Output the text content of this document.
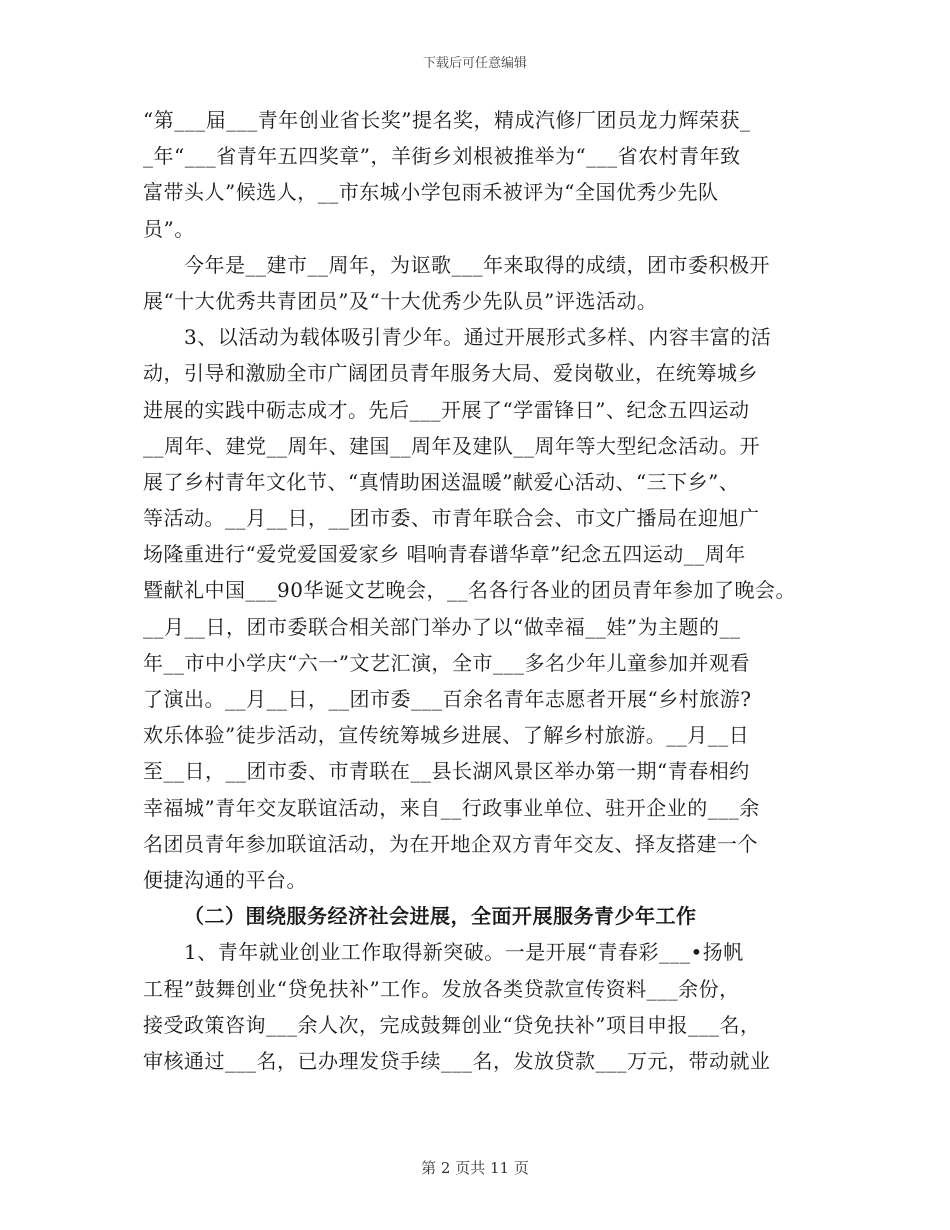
下载后可任意编辑
“第___届___青年创业省长奖”提名奖，精成汽修厂团员龙力辉荣获_
_年“___省青年五四奖章”，羊街乡刘根被推举为“___省农村青年致
富带头人”候选人，__市东城小学包雨禾被评为“全国优秀少先队
员”。
今年是__建市__周年，为讴歌___年来取得的成绩，团市委积极开
展“十大优秀共青团员”及“十大优秀少先队员”评选活动。
3、以活动为载体吸引青少年。通过开展形式多样、内容丰富的活
动，引导和激励全市广阔团员青年服务大局、爱岗敬业，在统筹城乡
进展的实践中砺志成才。先后___开展了“学雷锋日”、纪念五四运动
__周年、建党__周年、建国__周年及建队__周年等大型纪念活动。开
展了乡村青年文化节、“真情助困送温暖”献爱心活动、“三下乡”、
等活动。__月__日，__团市委、市青年联合会、市文广播局在迎旭广
场隆重进行“爱党爱国爱家乡 唱响青春谱华章”纪念五四运动__周年
暨献礼中国___90华诞文艺晚会，__名各行各业的团员青年参加了晚会。
__月__日，团市委联合相关部门举办了以“做幸福__娃”为主题的__
年__市中小学庆“六一”文艺汇演，全市___多名少年儿童参加并观看
了演出。__月__日，__团市委___百余名青年志愿者开展“乡村旅游?
欢乐体验”徒步活动，宣传统筹城乡进展、了解乡村旅游。__月__日
至__日，__团市委、市青联在__县长湖风景区举办第一期“青春相约
幸福城”青年交友联谊活动，来自__行政事业单位、驻开企业的___余
名团员青年参加联谊活动，为在开地企双方青年交友、择友搭建一个
便捷沟通的平台。
（二）围绕服务经济社会进展，全面开展服务青少年工作
1、青年就业创业工作取得新突破。一是开展“青春彩___•扬帆
工程”鼓舞创业“贷免扶补”工作。发放各类贷款宣传资料___余份，
接受政策咨询___余人次，完成鼓舞创业“贷免扶补”项目申报___名，
审核通过___名，已办理发贷手续___名，发放贷款___万元，带动就业
第 2 页共 11 页
